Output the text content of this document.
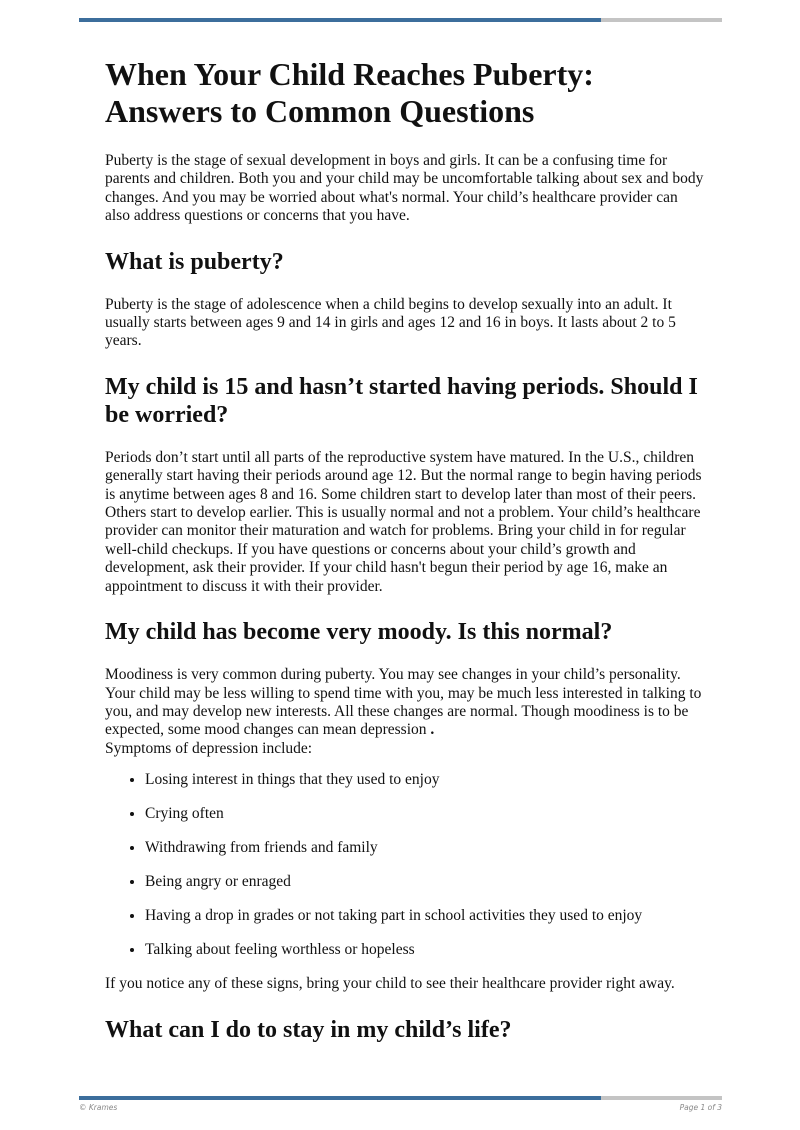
When Your Child Reaches Puberty: Answers to Common Questions

Puberty is the stage of sexual development in boys and girls. It can be a confusing time for parents and children. Both you and your child may be uncomfortable talking about sex and body changes. And you may be worried about what's normal. Your child’s healthcare provider can also address questions or concerns that you have.

What is puberty?

Puberty is the stage of adolescence when a child begins to develop sexually into an adult. It usually starts between ages 9 and 14 in girls and ages 12 and 16 in boys. It lasts about 2 to 5 years.

My child is 15 and hasn’t started having periods. Should I be worried?

Periods don’t start until all parts of the reproductive system have matured. In the U.S., children generally start having their periods around age 12. But the normal range to begin having periods is anytime between ages 8 and 16. Some children start to develop later than most of their peers. Others start to develop earlier. This is usually normal and not a problem. Your child’s healthcare provider can monitor their maturation and watch for problems. Bring your child in for regular well-child checkups. If you have questions or concerns about your child’s growth and development, ask their provider. If your child hasn't begun their period by age 16, make an appointment to discuss it with their provider.

My child has become very moody. Is this normal?

Moodiness is very common during puberty. You may see changes in your child’s personality. Your child may be less willing to spend time with you, may be much less interested in talking to you, and may develop new interests. All these changes are normal. Though moodiness is to be expected, some mood changes can mean depression .
Symptoms of depression include:

• Losing interest in things that they used to enjoy
• Crying often
• Withdrawing from friends and family
• Being angry or enraged
• Having a drop in grades or not taking part in school activities they used to enjoy
• Talking about feeling worthless or hopeless

If you notice any of these signs, bring your child to see their healthcare provider right away.

What can I do to stay in my child’s life?
© Krames	Page 1 of 3
